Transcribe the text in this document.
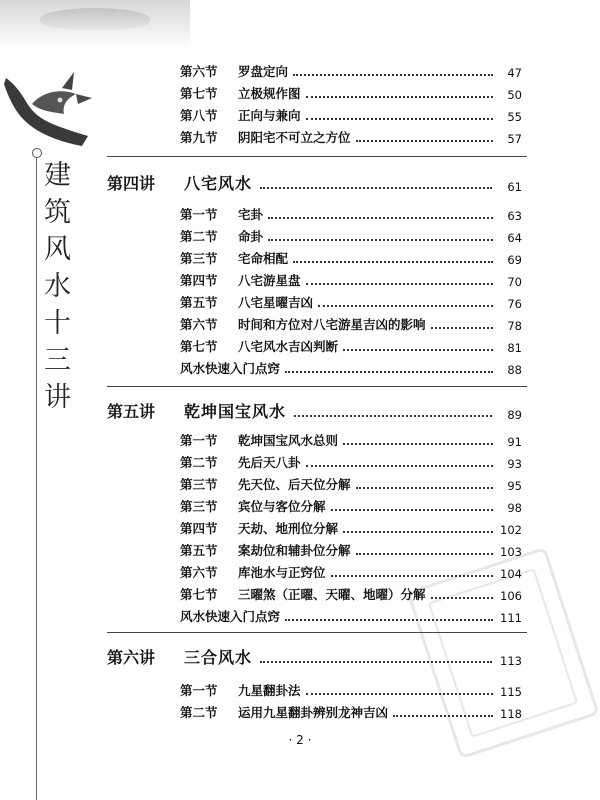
建筑风水十三讲
第六节	罗盘定向	47
第七节	立极规作图	50
第八节	正向与兼向	55
第九节	阴阳宅不可立之方位	57
第四讲	八宅风水	61
第一节	宅卦	63
第二节	命卦	64
第三节	宅命相配	69
第四节	八宅游星盘	70
第五节	八宅星曜吉凶	76
第六节	时间和方位对八宅游星吉凶的影响	78
第七节	八宅风水吉凶判断	81
风水快速入门点窍	88
第五讲	乾坤国宝风水	89
第一节	乾坤国宝风水总则	91
第二节	先后天八卦	93
第三节	先天位、后天位分解	95
第三节	宾位与客位分解	98
第四节	天劫、地刑位分解	102
第五节	案劫位和辅卦位分解	103
第六节	库池水与正窍位	104
第七节	三曜煞（正曜、天曜、地曜）分解	106
风水快速入门点窍	111
第六讲	三合风水	113
第一节	九星翻卦法	115
第二节	运用九星翻卦辨别龙神吉凶	118
· 2 ·
